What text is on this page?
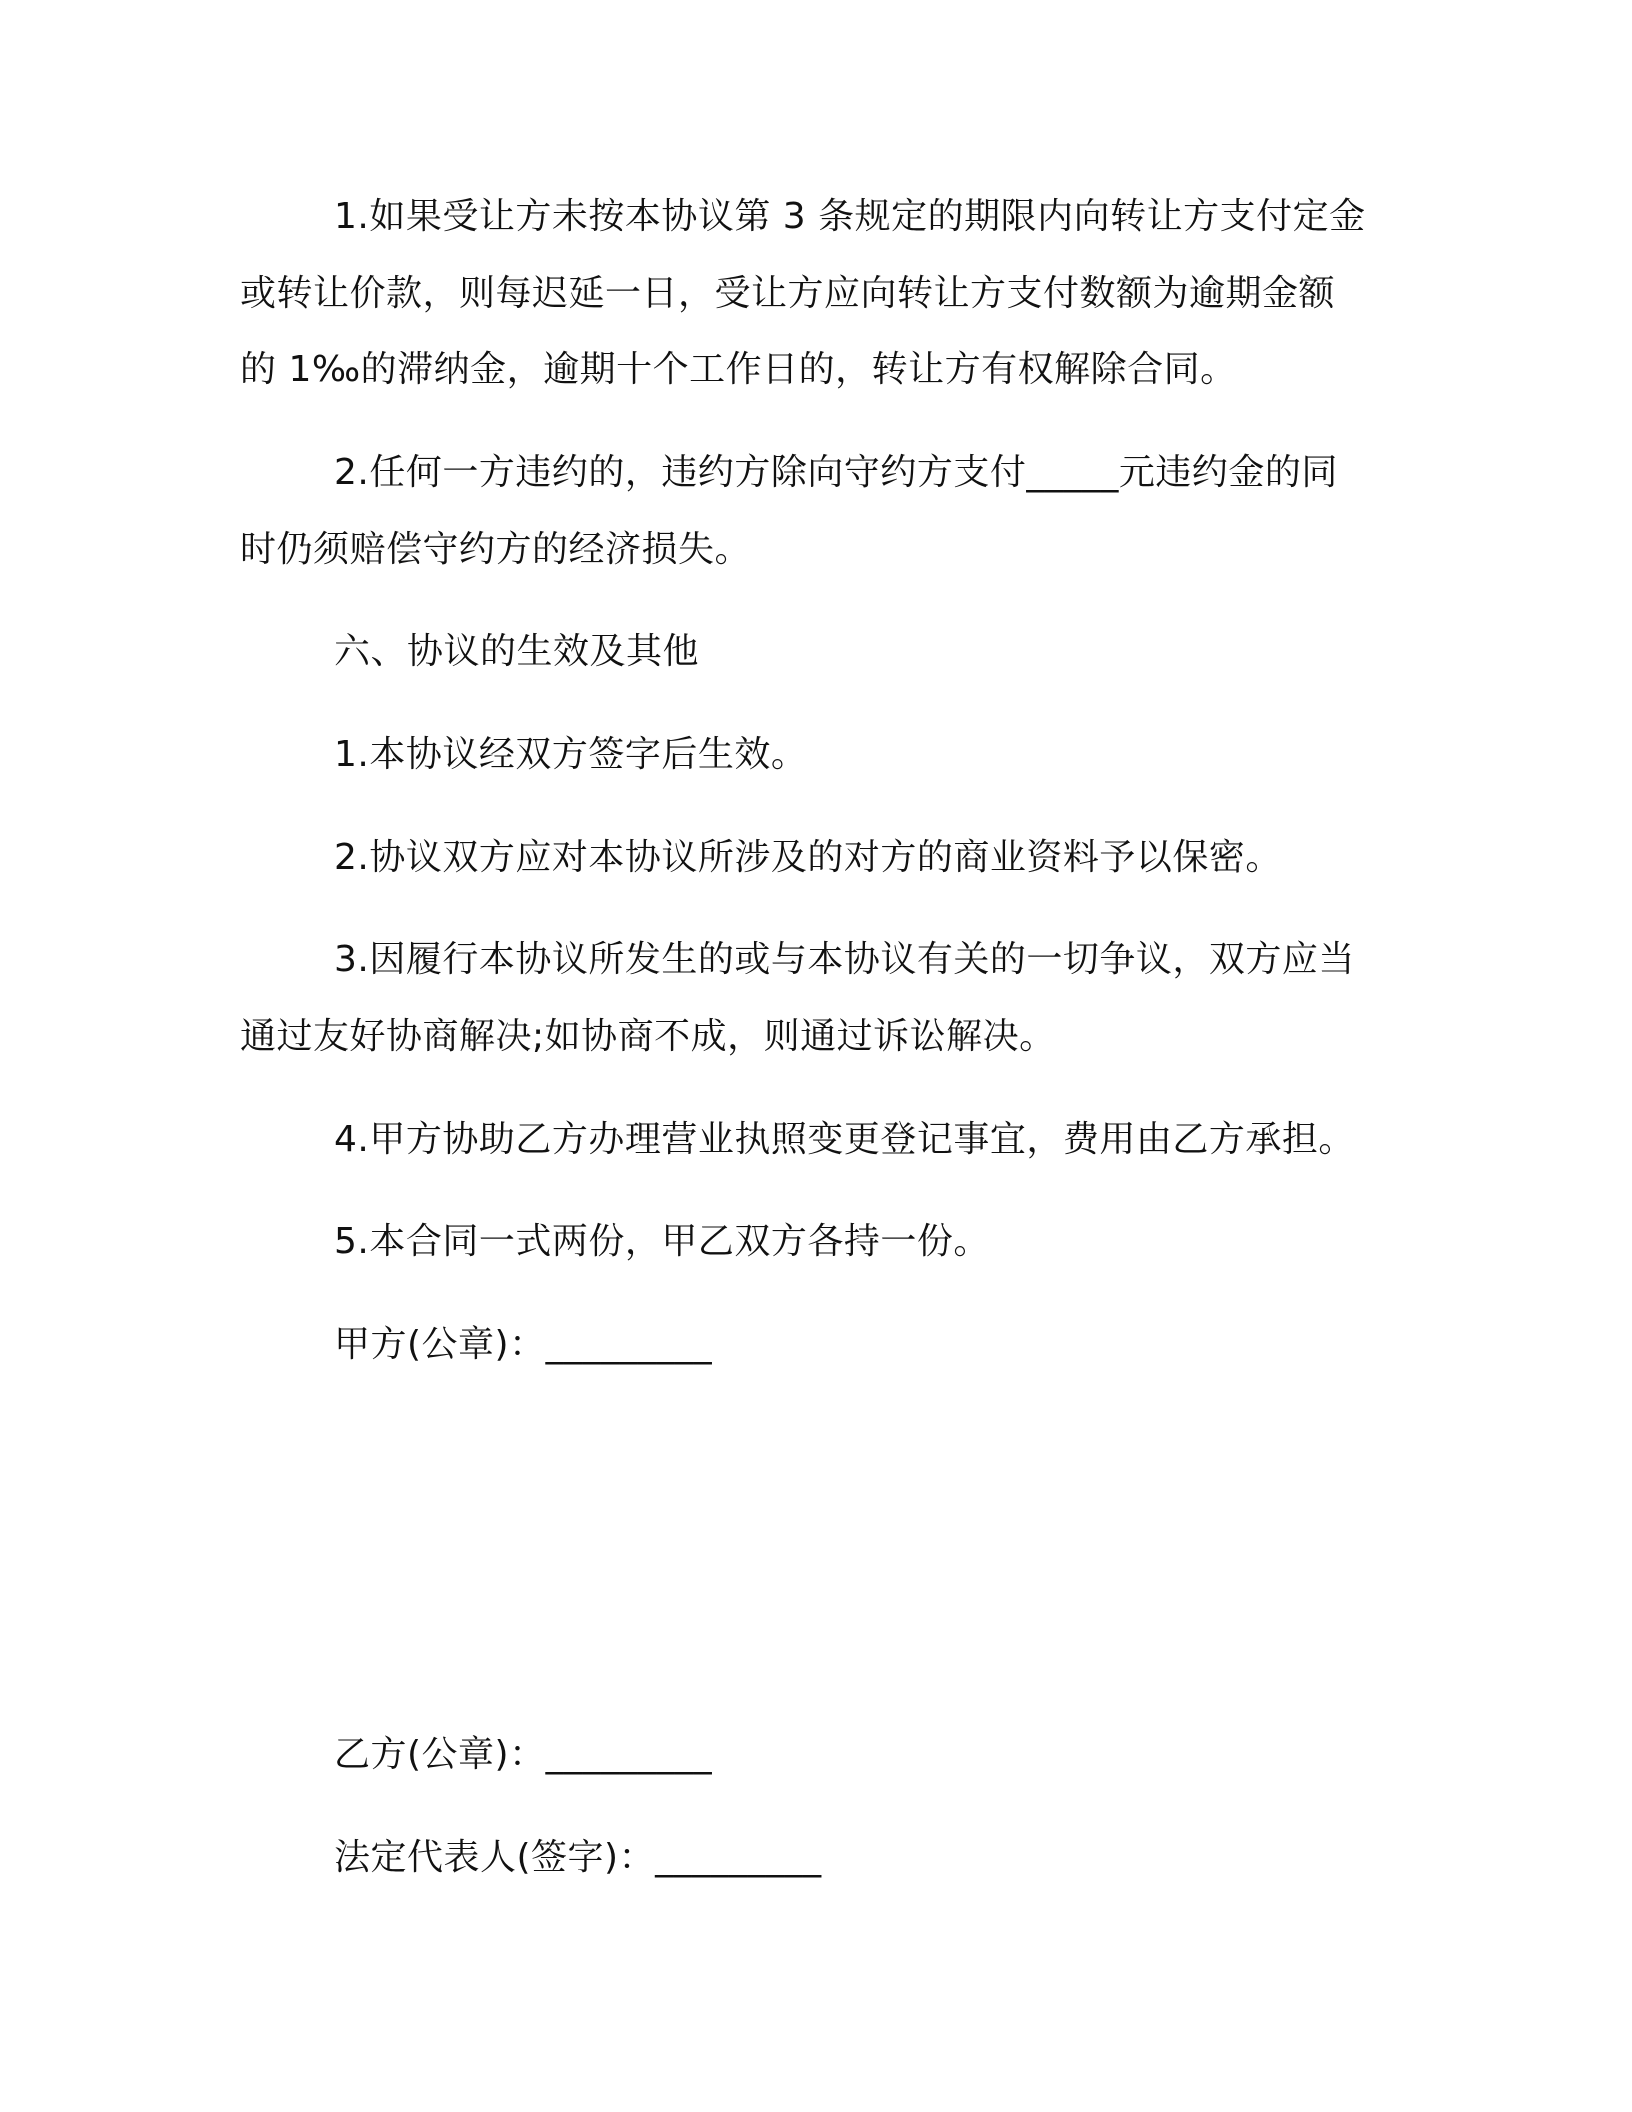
1.如果受让方未按本协议第 3 条规定的期限内向转让方支付定金
或转让价款，则每迟延一日，受让方应向转让方支付数额为逾期金额
的 1‰的滞纳金，逾期十个工作日的，转让方有权解除合同。
2.任何一方违约的，违约方除向守约方支付_____元违约金的同
时仍须赔偿守约方的经济损失。
六、协议的生效及其他
1.本协议经双方签字后生效。
2.协议双方应对本协议所涉及的对方的商业资料予以保密。
3.因履行本协议所发生的或与本协议有关的一切争议，双方应当
通过友好协商解决;如协商不成，则通过诉讼解决。
4.甲方协助乙方办理营业执照变更登记事宜，费用由乙方承担。
5.本合同一式两份，甲乙双方各持一份。
甲方(公章)：_________
乙方(公章)：_________
法定代表人(签字)：_________
